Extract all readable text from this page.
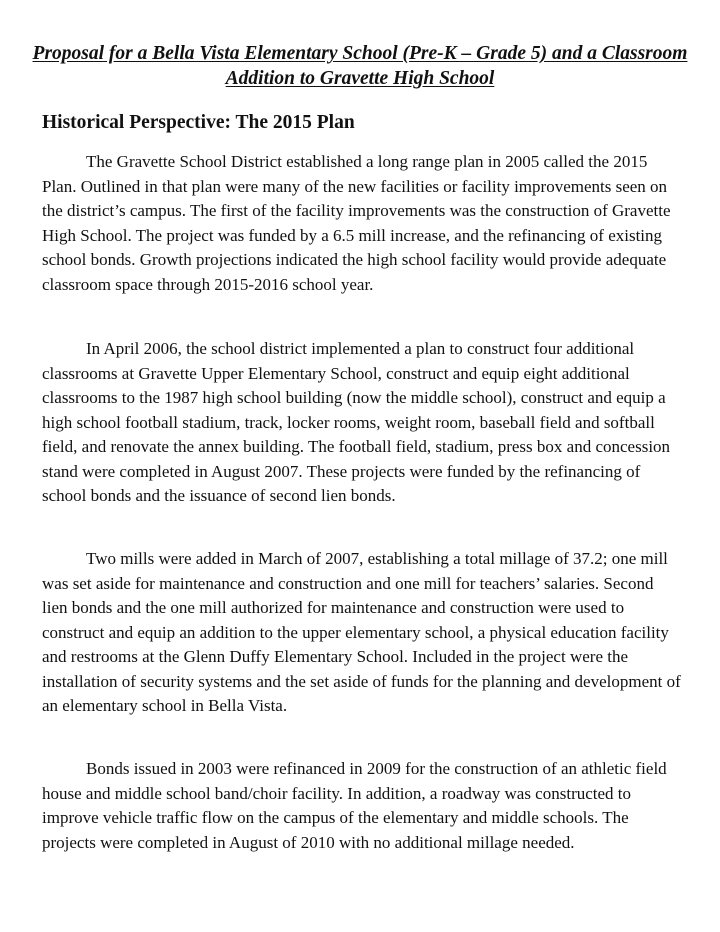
Proposal for a Bella Vista Elementary School (Pre-K – Grade 5) and a Classroom Addition to Gravette High School
Historical Perspective: The 2015 Plan

The Gravette School District established a long range plan in 2005 called the 2015 Plan. Outlined in that plan were many of the new facilities or facility improvements seen on the district’s campus. The first of the facility improvements was the construction of Gravette High School. The project was funded by a 6.5 mill increase, and the refinancing of existing school bonds. Growth projections indicated the high school facility would provide adequate classroom space through 2015-2016 school year.

In April 2006, the school district implemented a plan to construct four additional classrooms at Gravette Upper Elementary School, construct and equip eight additional classrooms to the 1987 high school building (now the middle school), construct and equip a high school football stadium, track, locker rooms, weight room, baseball field and softball field, and renovate the annex building. The football field, stadium, press box and concession stand were completed in August 2007. These projects were funded by the refinancing of school bonds and the issuance of second lien bonds.

Two mills were added in March of 2007, establishing a total millage of 37.2; one mill was set aside for maintenance and construction and one mill for teachers’ salaries. Second lien bonds and the one mill authorized for maintenance and construction were used to construct and equip an addition to the upper elementary school, a physical education facility and restrooms at the Glenn Duffy Elementary School. Included in the project were the installation of security systems and the set aside of funds for the planning and development of an elementary school in Bella Vista.

Bonds issued in 2003 were refinanced in 2009 for the construction of an athletic field house and middle school band/choir facility. In addition, a roadway was constructed to improve vehicle traffic flow on the campus of the elementary and middle schools. The projects were completed in August of 2010 with no additional millage needed.
